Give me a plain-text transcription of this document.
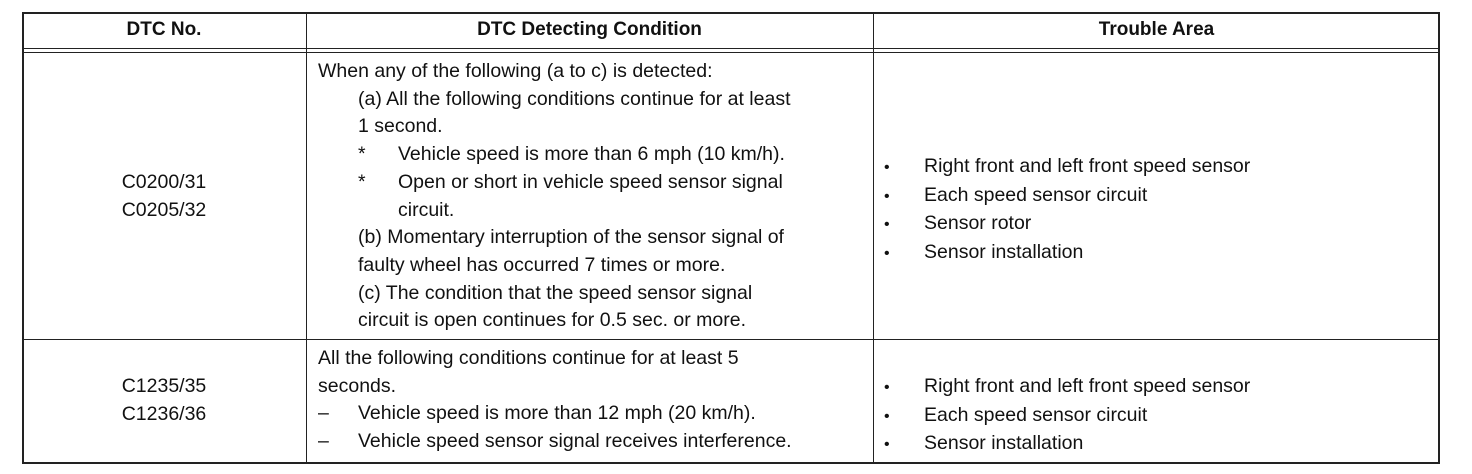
DTC No.	DTC Detecting Condition	Trouble Area
C0200/31
C0205/32
When any of the following (a to c) is detected:
(a) All the following conditions continue for at least
1 second.
* Vehicle speed is more than 6 mph (10 km/h).
* Open or short in vehicle speed sensor signal
circuit.
(b) Momentary interruption of the sensor signal of
faulty wheel has occurred 7 times or more.
(c) The condition that the speed sensor signal
circuit is open continues for 0.5 sec. or more.
• Right front and left front speed sensor
• Each speed sensor circuit
• Sensor rotor
• Sensor installation
C1235/35
C1236/36
All the following conditions continue for at least 5
seconds.
– Vehicle speed is more than 12 mph (20 km/h).
– Vehicle speed sensor signal receives interference.
• Right front and left front speed sensor
• Each speed sensor circuit
• Sensor installation
